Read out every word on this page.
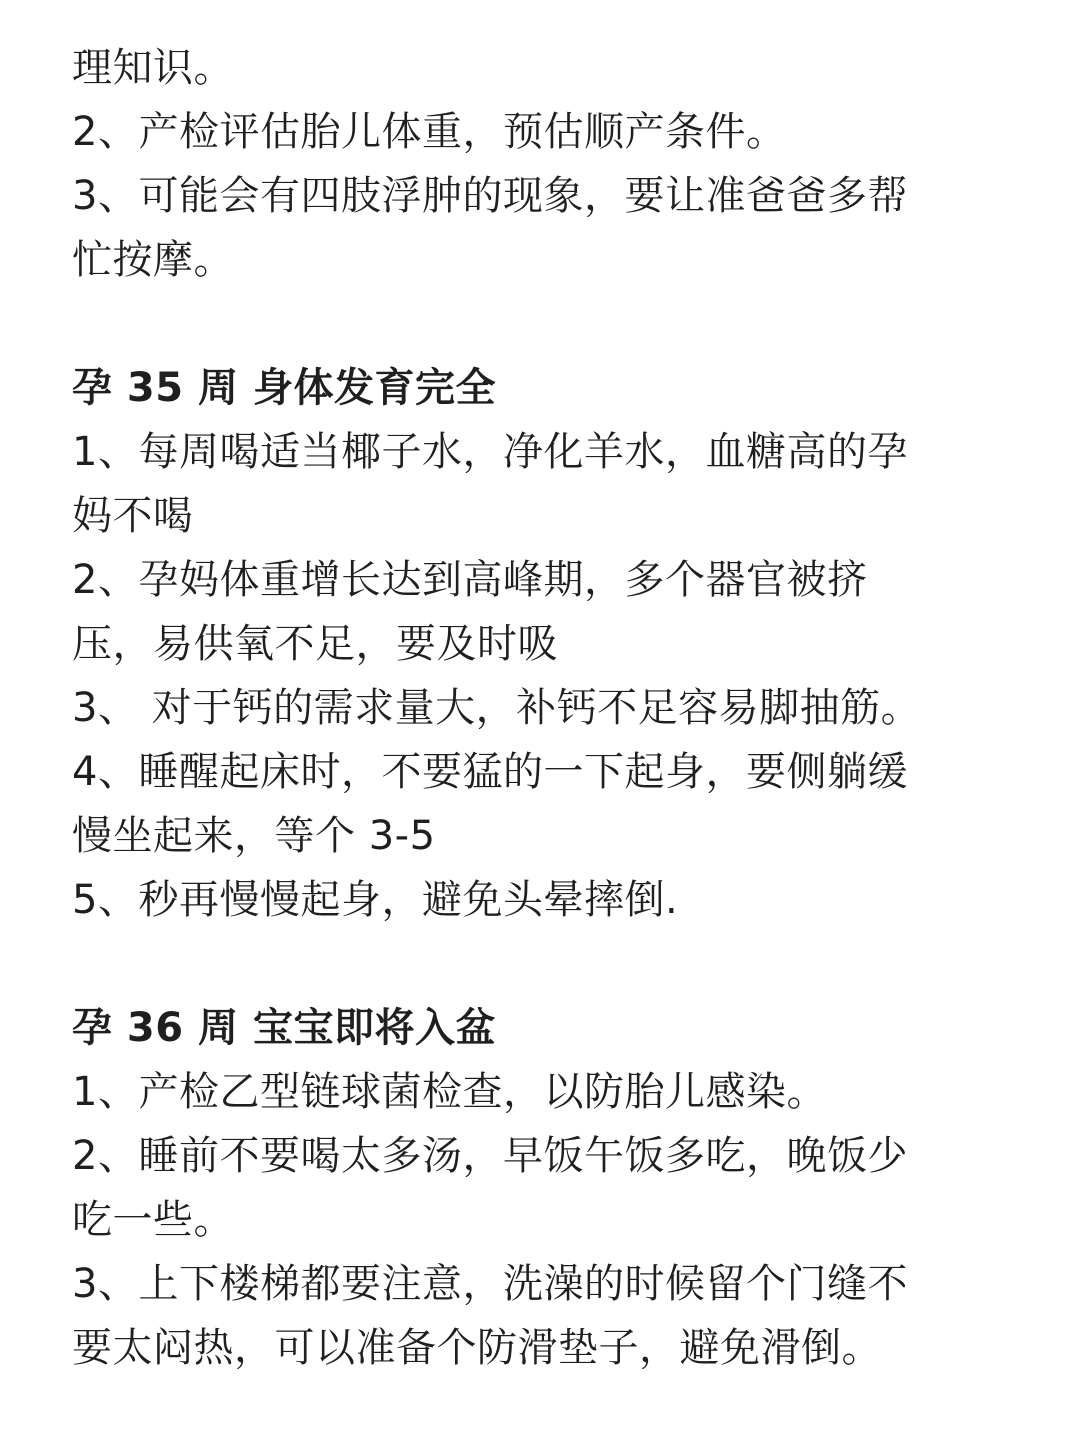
理知识。
2、产检评估胎儿体重，预估顺产条件。
3、可能会有四肢浮肿的现象，要让准爸爸多帮
忙按摩。
孕 35 周 身体发育完全
1、每周喝适当椰子水，净化羊水，血糖高的孕
妈不喝
2、孕妈体重增长达到高峰期，多个器官被挤
压，易供氧不足，要及时吸
3、 对于钙的需求量大，补钙不足容易脚抽筋。
4、睡醒起床时，不要猛的一下起身，要侧躺缓
慢坐起来，等个 3-5
5、秒再慢慢起身，避免头晕摔倒.
孕 36 周 宝宝即将入盆
1、产检乙型链球菌检查，以防胎儿感染。
2、睡前不要喝太多汤，早饭午饭多吃，晚饭少
吃一些。
3、上下楼梯都要注意，洗澡的时候留个门缝不
要太闷热，可以准备个防滑垫子，避免滑倒。
